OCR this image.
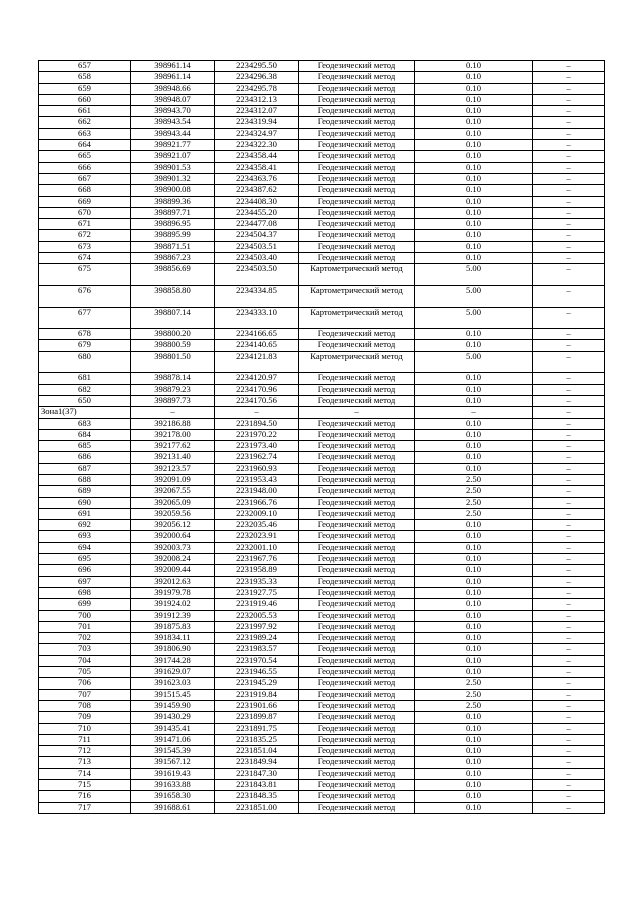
657	398961.14	2234295.50	Геодезический метод	0.10	–
658	398961.14	2234296.38	Геодезический метод	0.10	–
659	398948.66	2234295.78	Геодезический метод	0.10	–
660	398948.07	2234312.13	Геодезический метод	0.10	–
661	398943.70	2234312.07	Геодезический метод	0.10	–
662	398943.54	2234319.94	Геодезический метод	0.10	–
663	398943.44	2234324.97	Геодезический метод	0.10	–
664	398921.77	2234322.30	Геодезический метод	0.10	–
665	398921.07	2234358.44	Геодезический метод	0.10	–
666	398901.53	2234358.41	Геодезический метод	0.10	–
667	398901.32	2234363.76	Геодезический метод	0.10	–
668	398900.08	2234387.62	Геодезический метод	0.10	–
669	398899.36	2234408.30	Геодезический метод	0.10	–
670	398897.71	2234455.20	Геодезический метод	0.10	–
671	398896.95	2234477.08	Геодезический метод	0.10	–
672	398895.99	2234504.37	Геодезический метод	0.10	–
673	398871.51	2234503.51	Геодезический метод	0.10	–
674	398867.23	2234503.40	Геодезический метод	0.10	–
675	398856.69	2234503.50	Картометрический метод	5.00	–
676	398858.80	2234334.85	Картометрический метод	5.00	–
677	398807.14	2234333.10	Картометрический метод	5.00	–
678	398800.20	2234166.65	Геодезический метод	0.10	–
679	398800.59	2234140.65	Геодезический метод	0.10	–
680	398801.50	2234121.83	Картометрический метод	5.00	–
681	398878.14	2234120.97	Геодезический метод	0.10	–
682	398879.23	2234170.96	Геодезический метод	0.10	–
650	398897.73	2234170.56	Геодезический метод	0.10	–
Зона1(37)	–	–	–	–	–
683	392186.88	2231894.50	Геодезический метод	0.10	–
684	392178.00	2231970.22	Геодезический метод	0.10	–
685	392177.62	2231973.40	Геодезический метод	0.10	–
686	392131.40	2231962.74	Геодезический метод	0.10	–
687	392123.57	2231960.93	Геодезический метод	0.10	–
688	392091.09	2231953.43	Геодезический метод	2.50	–
689	392067.55	2231948.00	Геодезический метод	2.50	–
690	392065.09	2231966.76	Геодезический метод	2.50	–
691	392059.56	2232009.10	Геодезический метод	2.50	–
692	392056.12	2232035.46	Геодезический метод	0.10	–
693	392000.64	2232023.91	Геодезический метод	0.10	–
694	392003.73	2232001.10	Геодезический метод	0.10	–
695	392008.24	2231967.76	Геодезический метод	0.10	–
696	392009.44	2231958.89	Геодезический метод	0.10	–
697	392012.63	2231935.33	Геодезический метод	0.10	–
698	391979.78	2231927.75	Геодезический метод	0.10	–
699	391924.02	2231919.46	Геодезический метод	0.10	–
700	391912.39	2232005.53	Геодезический метод	0.10	–
701	391875.83	2231997.92	Геодезический метод	0.10	–
702	391834.11	2231989.24	Геодезический метод	0.10	–
703	391806.90	2231983.57	Геодезический метод	0.10	–
704	391744.28	2231970.54	Геодезический метод	0.10	–
705	391629.07	2231946.55	Геодезический метод	0.10	–
706	391623.03	2231945.29	Геодезический метод	2.50	–
707	391515.45	2231919.84	Геодезический метод	2.50	–
708	391459.90	2231901.66	Геодезический метод	2.50	–
709	391430.29	2231899.87	Геодезический метод	0.10	–
710	391435.41	2231891.75	Геодезический метод	0.10	–
711	391471.06	2231835.25	Геодезический метод	0.10	–
712	391545.39	2231851.04	Геодезический метод	0.10	–
713	391567.12	2231849.94	Геодезический метод	0.10	–
714	391619.43	2231847.30	Геодезический метод	0.10	–
715	391633.88	2231843.81	Геодезический метод	0.10	–
716	391658.30	2231848.35	Геодезический метод	0.10	–
717	391688.61	2231851.00	Геодезический метод	0.10	–
